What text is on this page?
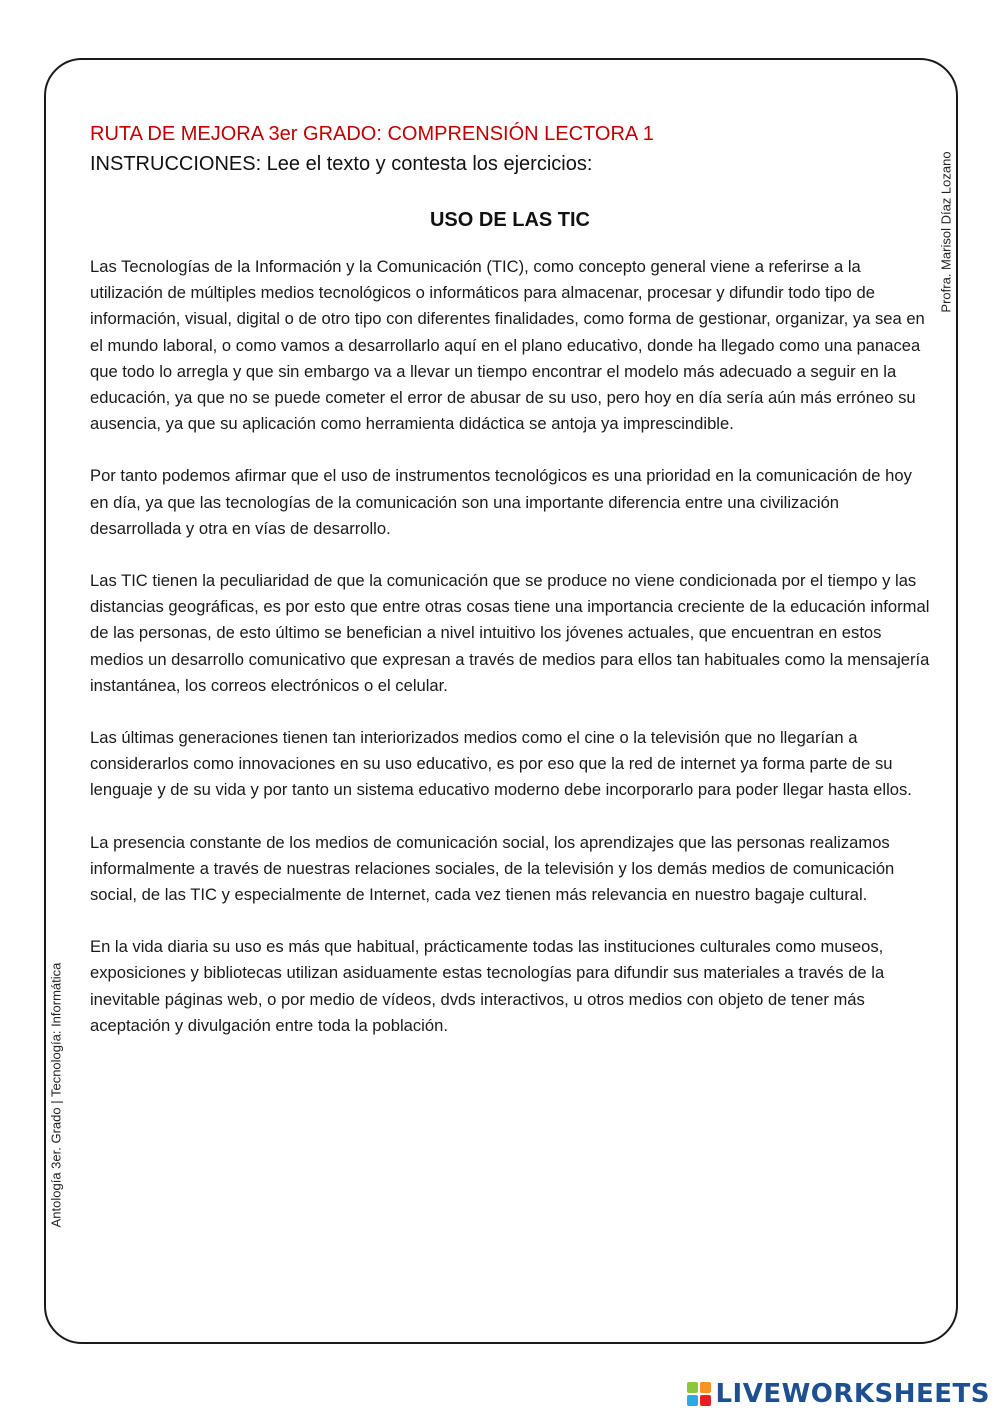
Profra. Marisol Díaz Lozano
Antología 3er. Grado | Tecnología: Informática

RUTA DE MEJORA 3er GRADO: COMPRENSIÓN LECTORA 1

INSTRUCCIONES: Lee el texto y contesta los ejercicios:

USO DE LAS TIC

Las Tecnologías de la Información y la Comunicación (TIC), como concepto general viene a referirse a la utilización de múltiples medios tecnológicos o informáticos para almacenar, procesar y difundir todo tipo de información, visual, digital o de otro tipo con diferentes finalidades, como forma de gestionar, organizar, ya sea en el mundo laboral, o como vamos a desarrollarlo aquí en el plano educativo, donde ha llegado como una panacea que todo lo arregla y que sin embargo va a llevar un tiempo encontrar el modelo más adecuado a seguir en la educación, ya que no se puede cometer el error de abusar de su uso, pero hoy en día sería aún más erróneo su ausencia, ya que su aplicación como herramienta didáctica se antoja ya imprescindible.

Por tanto podemos afirmar que el uso de instrumentos tecnológicos es una prioridad en la comunicación de hoy en día, ya que las tecnologías de la comunicación son una importante diferencia entre una civilización desarrollada y otra en vías de desarrollo.

Las TIC tienen la peculiaridad de que la comunicación que se produce no viene condicionada por el tiempo y las distancias geográficas, es por esto que entre otras cosas tiene una importancia creciente de la educación informal de las personas, de esto último se benefician a nivel intuitivo los jóvenes actuales, que encuentran en estos medios un desarrollo comunicativo que expresan a través de medios para ellos tan habituales como la mensajería instantánea, los correos electrónicos o el celular.

Las últimas generaciones tienen tan interiorizados medios como el cine o la televisión que no llegarían a considerarlos como innovaciones en su uso educativo, es por eso que la red de internet ya forma parte de su lenguaje y de su vida y por tanto un sistema educativo moderno debe incorporarlo para poder llegar hasta ellos.

La presencia constante de los medios de comunicación social, los aprendizajes que las personas realizamos informalmente a través de nuestras relaciones sociales, de la televisión y los demás medios de comunicación social, de las TIC y especialmente de Internet, cada vez tienen más relevancia en nuestro bagaje cultural.

En la vida diaria su uso es más que habitual, prácticamente todas las instituciones culturales como museos, exposiciones y bibliotecas utilizan asiduamente estas tecnologías para difundir sus materiales a través de la inevitable páginas web, o por medio de vídeos, dvds interactivos, u otros medios con objeto de tener más aceptación y divulgación entre toda la población.

LIVEWORKSHEETS
